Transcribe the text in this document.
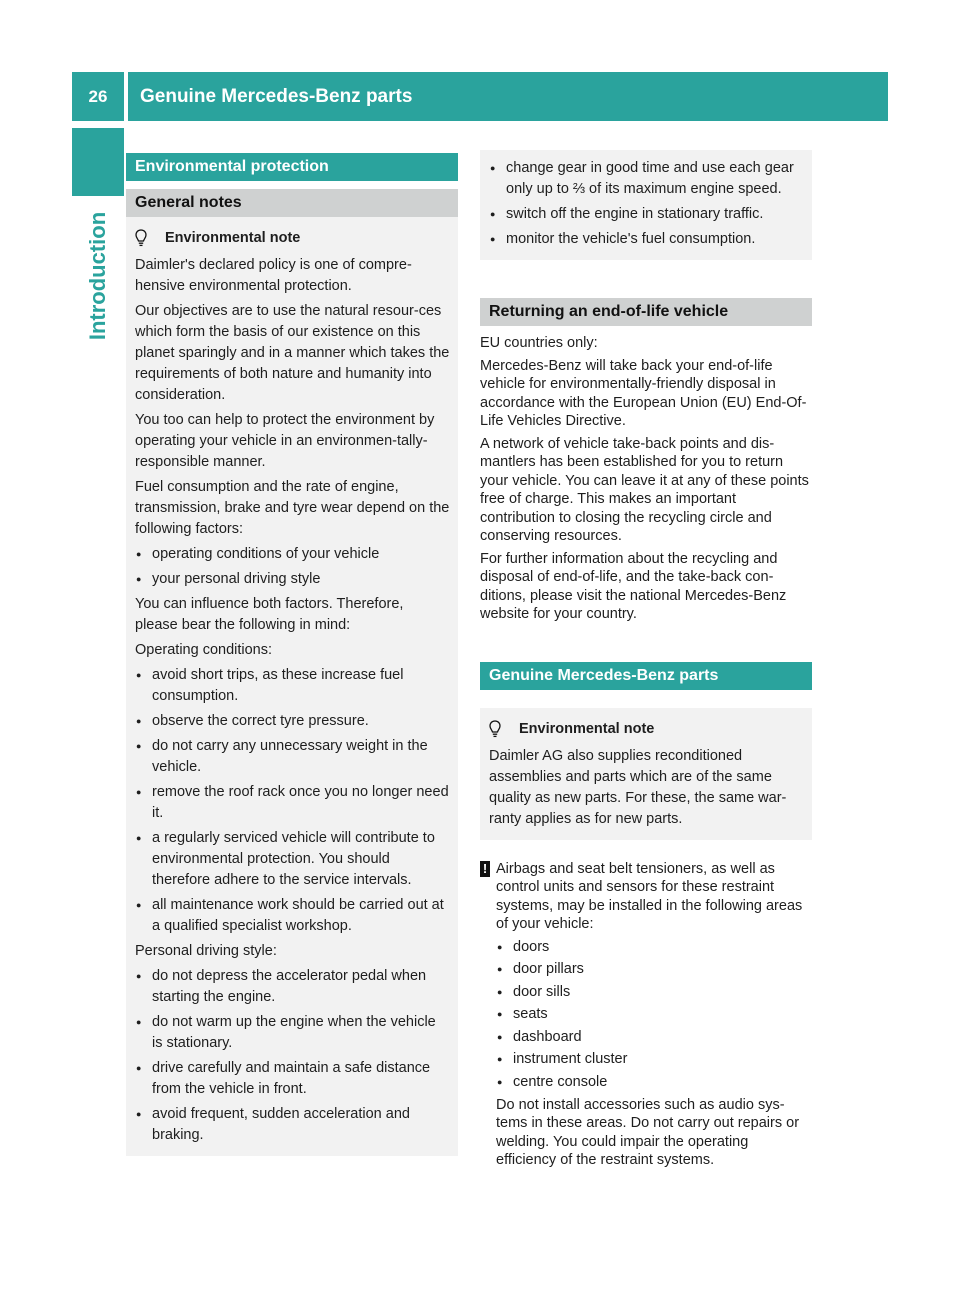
26	Genuine Mercedes-Benz parts
Introduction
Environmental protection
General notes
Environmental note

Daimler's declared policy is one of compre-hensive environmental protection.

Our objectives are to use the natural resour-ces which form the basis of our existence on this planet sparingly and in a manner which takes the requirements of both nature and humanity into consideration.

You too can help to protect the environment by operating your vehicle in an environmen-tally-responsible manner.

Fuel consumption and the rate of engine, transmission, brake and tyre wear depend on the following factors:

● operating conditions of your vehicle
● your personal driving style

You can influence both factors. Therefore, please bear the following in mind:

Operating conditions:

● avoid short trips, as these increase fuel consumption.
● observe the correct tyre pressure.
● do not carry any unnecessary weight in the vehicle.
● remove the roof rack once you no longer need it.
● a regularly serviced vehicle will contribute to environmental protection. You should therefore adhere to the service intervals.
● all maintenance work should be carried out at a qualified specialist workshop.

Personal driving style:

● do not depress the accelerator pedal when starting the engine.
● do not warm up the engine when the vehicle is stationary.
● drive carefully and maintain a safe distance from the vehicle in front.
● avoid frequent, sudden acceleration and braking.
● change gear in good time and use each gear only up to ⅔ of its maximum engine speed.
● switch off the engine in stationary traffic.
● monitor the vehicle's fuel consumption.
Returning an end-of-life vehicle

EU countries only:

Mercedes-Benz will take back your end-of-life vehicle for environmentally-friendly disposal in accordance with the European Union (EU) End-Of-Life Vehicles Directive.

A network of vehicle take-back points and dis-mantlers has been established for you to return your vehicle. You can leave it at any of these points free of charge. This makes an important contribution to closing the recycling circle and conserving resources.

For further information about the recycling and disposal of end-of-life, and the take-back con-ditions, please visit the national Mercedes-Benz website for your country.

Genuine Mercedes-Benz parts
Environmental note

Daimler AG also supplies reconditioned assemblies and parts which are of the same quality as new parts. For these, the same war-ranty applies as for new parts.

! Airbags and seat belt tensioners, as well as control units and sensors for these restraint systems, may be installed in the following areas of your vehicle:

● doors
● door pillars
● door sills
● seats
● dashboard
● instrument cluster
● centre console

Do not install accessories such as audio sys-tems in these areas. Do not carry out repairs or welding. You could impair the operating efficiency of the restraint systems.
